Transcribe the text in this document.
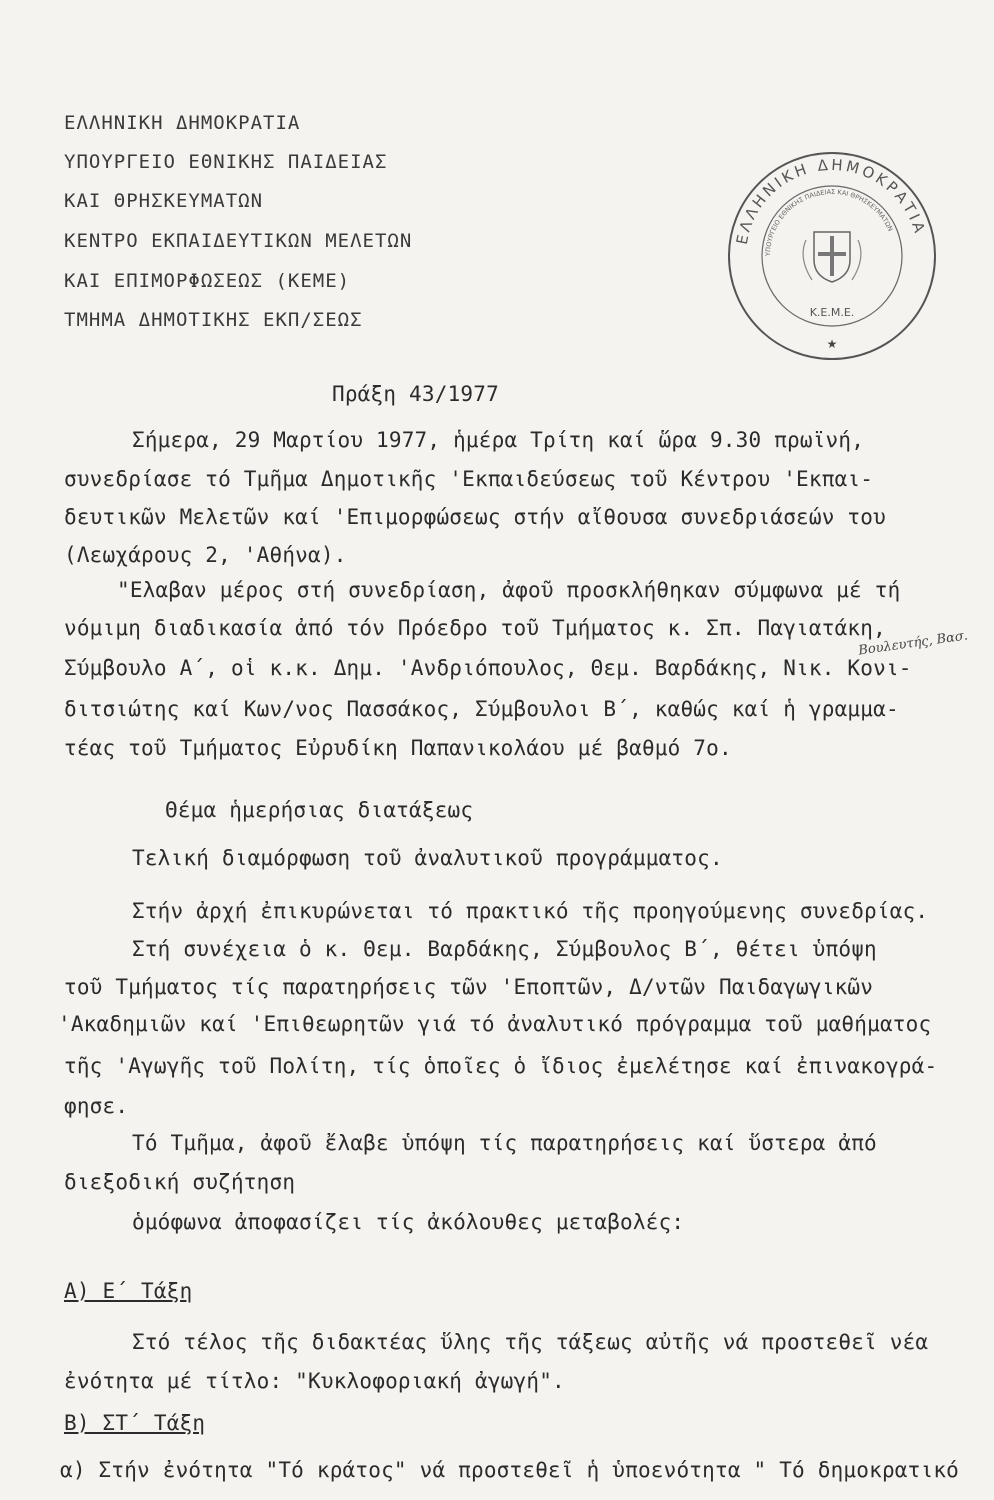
ΕΛΛΗΝΙΚΗ ΔΗΜΟΚΡΑΤΙΑ
ΥΠΟΥΡΓΕΙΟ ΕΘΝΙΚΗΣ ΠΑΙΔΕΙΑΣ
ΚΑΙ ΘΡΗΣΚΕΥΜΑΤΩΝ
ΚΕΝΤΡΟ ΕΚΠΑΙΔΕΥΤΙΚΩΝ ΜΕΛΕΤΩΝ
ΚΑΙ ΕΠΙΜΟΡΦΩΣΕΩΣ (ΚΕΜΕ)
ΤΜΗΜΑ ΔΗΜΟΤΙΚΗΣ ΕΚΠ/ΣΕΩΣ
ΕΛΛΗΝΙΚΗ ΔΗΜΟΚΡΑΤΙΑ
ΥΠΟΥΡΓΕΙΟ ΕΘΝΙΚΗΣ ΠΑΙΔΕΙΑΣ ΚΑΙ ΘΡΗΣΚΕΥΜΑΤΩΝ
Κ.Ε.Μ.Ε.
★
Βουλευτής, Βασ.
Πράξη 43/1977
Σήμερα, 29 Μαρτίου 1977, ἡμέρα Τρίτη καί ὥρα 9.30 πρωϊνή,
συνεδρίασε τό Τμῆμα Δημοτικῆς 'Εκπαιδεύσεως τοῦ Κέντρου 'Εκπαι-
δευτικῶν Μελετῶν καί 'Επιμορφώσεως στήν αἴθουσα συνεδριάσεών του
(Λεωχάρους 2, 'Αθήνα).
"Ελαβαν μέρος στή συνεδρίαση, ἀφοῦ προσκλήθηκαν σύμφωνα μέ τή
νόμιμη διαδικασία ἀπό τόν Πρόεδρο τοῦ Τμήματος κ. Σπ. Παγιατάκη,
Σύμβουλο Α΄, οἱ κ.κ. Δημ. 'Ανδριόπουλος, Θεμ. Βαρδάκης, Νικ. Κονι-
διτσιώτης καί Κων/νος Πασσάκος, Σύμβουλοι Β΄, καθώς καί ἡ γραμμα-
τέας τοῦ Τμήματος Εὐρυδίκη Παπανικολάου μέ βαθμό 7ο.
Θέμα ἡμερήσιας διατάξεως
Τελική διαμόρφωση τοῦ ἀναλυτικοῦ προγράμματος.
Στήν ἀρχή ἐπικυρώνεται τό πρακτικό τῆς προηγούμενης συνεδρίας.
Στή συνέχεια ὁ κ. Θεμ. Βαρδάκης, Σύμβουλος Β΄, θέτει ὑπόψη
τοῦ Τμήματος τίς παρατηρήσεις τῶν 'Εποπτῶν, Δ/ντῶν Παιδαγωγικῶν
'Ακαδημιῶν καί 'Επιθεωρητῶν γιά τό ἀναλυτικό πρόγραμμα τοῦ μαθήματος
τῆς 'Αγωγῆς τοῦ Πολίτη, τίς ὁποῖες ὁ ἴδιος ἐμελέτησε καί ἐπινακογρά-
φησε.
Τό Τμῆμα, ἀφοῦ ἔλαβε ὑπόψη τίς παρατηρήσεις καί ὕστερα ἀπό
διεξοδική συζήτηση
ὁμόφωνα ἀποφασίζει τίς ἀκόλουθες μεταβολές:
Α) Ε΄ Τάξη
Στό τέλος τῆς διδακτέας ὕλης τῆς τάξεως αὐτῆς νά προστεθεῖ νέα
ἐνότητα μέ τίτλο: "Κυκλοφοριακή ἀγωγή".
Β) ΣΤ΄ Τάξη
α) Στήν ἐνότητα "Τό κράτος" νά προστεθεῖ ἡ ὑποενότητα " Τό δημοκρατικό
